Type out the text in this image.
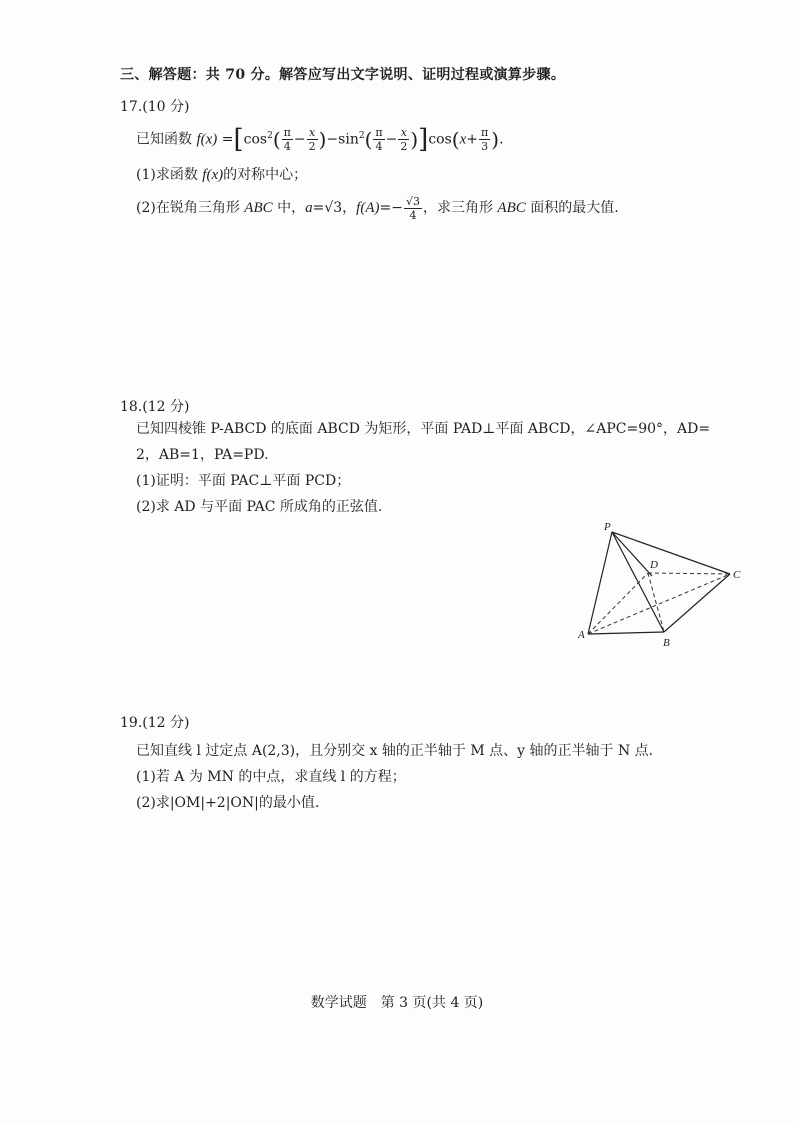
三、解答题：共 70 分。解答应写出文字说明、证明过程或演算步骤。
17.(10 分)
已知函数 $f(x) =[\cos^2( \frac{\pi}{4} - \frac{x}{2} )-\sin^2( \frac{\pi}{4} - \frac{x}{2} )]\cos(x+ \frac{\pi}{3}$ ).
(1)求函数 f(x)的对称中心；
(2)在锐角三角形 ABC 中，a=√3，$f(A)=- \frac{√3}{4}$ ，求三角形 ABC 面积的最大值.
18.(12 分)
已知四棱锥 P-ABCD 的底面 ABCD 为矩形，平面 PAD⊥平面 ABCD，∠APC=90°，AD=
2，AB=1，PA=PD.
(1)证明：平面 PAC⊥平面 PCD；
(2)求 AD 与平面 PAC 所成角的正弦值.
P
D
C
A
B
19.(12 分)
已知直线 l 过定点 A(2,3)，且分别交 x 轴的正半轴于 M 点、y 轴的正半轴于 N 点.
(1)若 A 为 MN 的中点，求直线 l 的方程；
(2)求|OM|+2|ON|的最小值.
数学试题　第 3 页(共 4 页)
